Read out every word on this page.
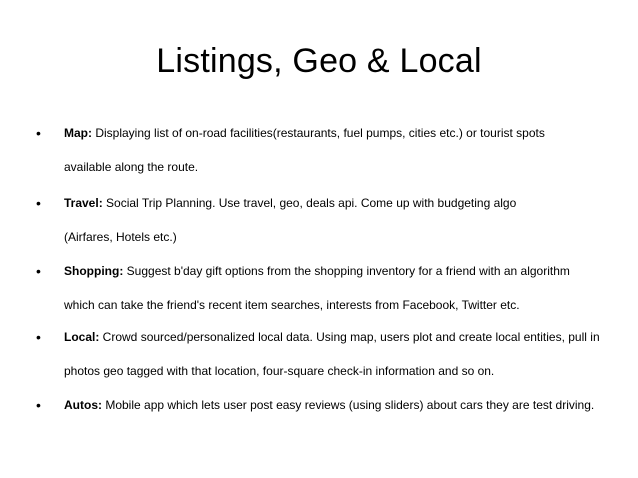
Listings, Geo & Local
• Map: Displaying list of on-road facilities(restaurants, fuel pumps, cities etc.) or tourist spots
available along the route.
• Travel: Social Trip Planning. Use travel, geo, deals api. Come up with budgeting algo
(Airfares, Hotels etc.)
• Shopping: Suggest b'day gift options from the shopping inventory for a friend with an algorithm
which can take the friend's recent item searches, interests from Facebook, Twitter etc.
• Local: Crowd sourced/personalized local data. Using map, users plot and create local entities, pull in
photos geo tagged with that location, four-square check-in information and so on.
• Autos: Mobile app which lets user post easy reviews (using sliders) about cars they are test driving.
